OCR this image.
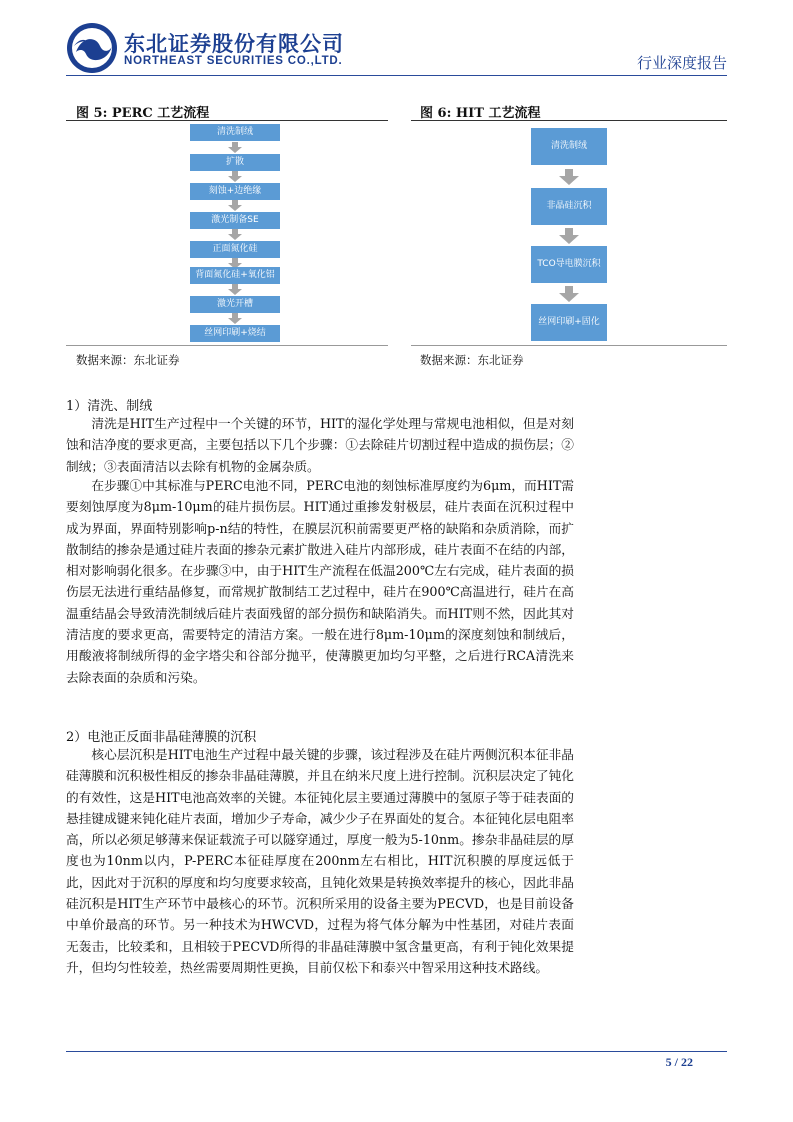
东北证券股份有限公司
NORTHEAST SECURITIES CO.,LTD.	行业深度报告
图 5: PERC 工艺流程
清洗制绒
扩散
刻蚀+边绝缘
激光制备SE
正面氮化硅
背面氮化硅+氧化铝
激光开槽
丝网印刷+烧结
数据来源：东北证券
图 6: HIT 工艺流程
清洗制绒
非晶硅沉积
TCO导电膜沉积
丝网印刷+固化
数据来源：东北证券
1）清洗、制绒

清洗是HIT生产过程中一个关键的环节，HIT的湿化学处理与常规电池相似，但是对刻蚀和洁净度的要求更高，主要包括以下几个步骤：①去除硅片切割过程中造成的损伤层；②制绒；③表面清洁以去除有机物的金属杂质。

在步骤①中其标准与PERC电池不同，PERC电池的刻蚀标准厚度约为6μm，而HIT需要刻蚀厚度为8μm-10μm的硅片损伤层。HIT通过重掺发射极层，硅片表面在沉积过程中成为界面，界面特别影响p-n结的特性，在膜层沉积前需要更严格的缺陷和杂质消除，而扩散制结的掺杂是通过硅片表面的掺杂元素扩散进入硅片内部形成，硅片表面不在结的内部，相对影响弱化很多。在步骤③中，由于HIT生产流程在低温200℃左右完成，硅片表面的损伤层无法进行重结晶修复，而常规扩散制结工艺过程中，硅片在900℃高温进行，硅片在高温重结晶会导致清洗制绒后硅片表面残留的部分损伤和缺陷消失。而HIT则不然，因此其对清洁度的要求更高，需要特定的清洁方案。一般在进行8μm-10μm的深度刻蚀和制绒后，用酸液将制绒所得的金字塔尖和谷部分抛平，使薄膜更加均匀平整，之后进行RCA清洗来去除表面的杂质和污染。

2）电池正反面非晶硅薄膜的沉积

核心层沉积是HIT电池生产过程中最关键的步骤，该过程涉及在硅片两侧沉积本征非晶硅薄膜和沉积极性相反的掺杂非晶硅薄膜，并且在纳米尺度上进行控制。沉积层决定了钝化的有效性，这是HIT电池高效率的关键。本征钝化层主要通过薄膜中的氢原子等于硅表面的悬挂键成键来钝化硅片表面，增加少子寿命，减少少子在界面处的复合。本征钝化层电阻率高，所以必须足够薄来保证载流子可以隧穿通过，厚度一般为5-10nm。掺杂非晶硅层的厚度也为10nm以内，P-PERC本征硅厚度在200nm左右相比，HIT沉积膜的厚度远低于此，因此对于沉积的厚度和均匀度要求较高，且钝化效果是转换效率提升的核心，因此非晶硅沉积是HIT生产环节中最核心的环节。沉积所采用的设备主要为PECVD，也是目前设备中单价最高的环节。另一种技术为HWCVD，过程为将气体分解为中性基团，对硅片表面无轰击，比较柔和，且相较于PECVD所得的非晶硅薄膜中氢含量更高，有利于钝化效果提升，但均匀性较差，热丝需要周期性更换，目前仅松下和泰兴中智采用这种技术路线。

5 / 22
